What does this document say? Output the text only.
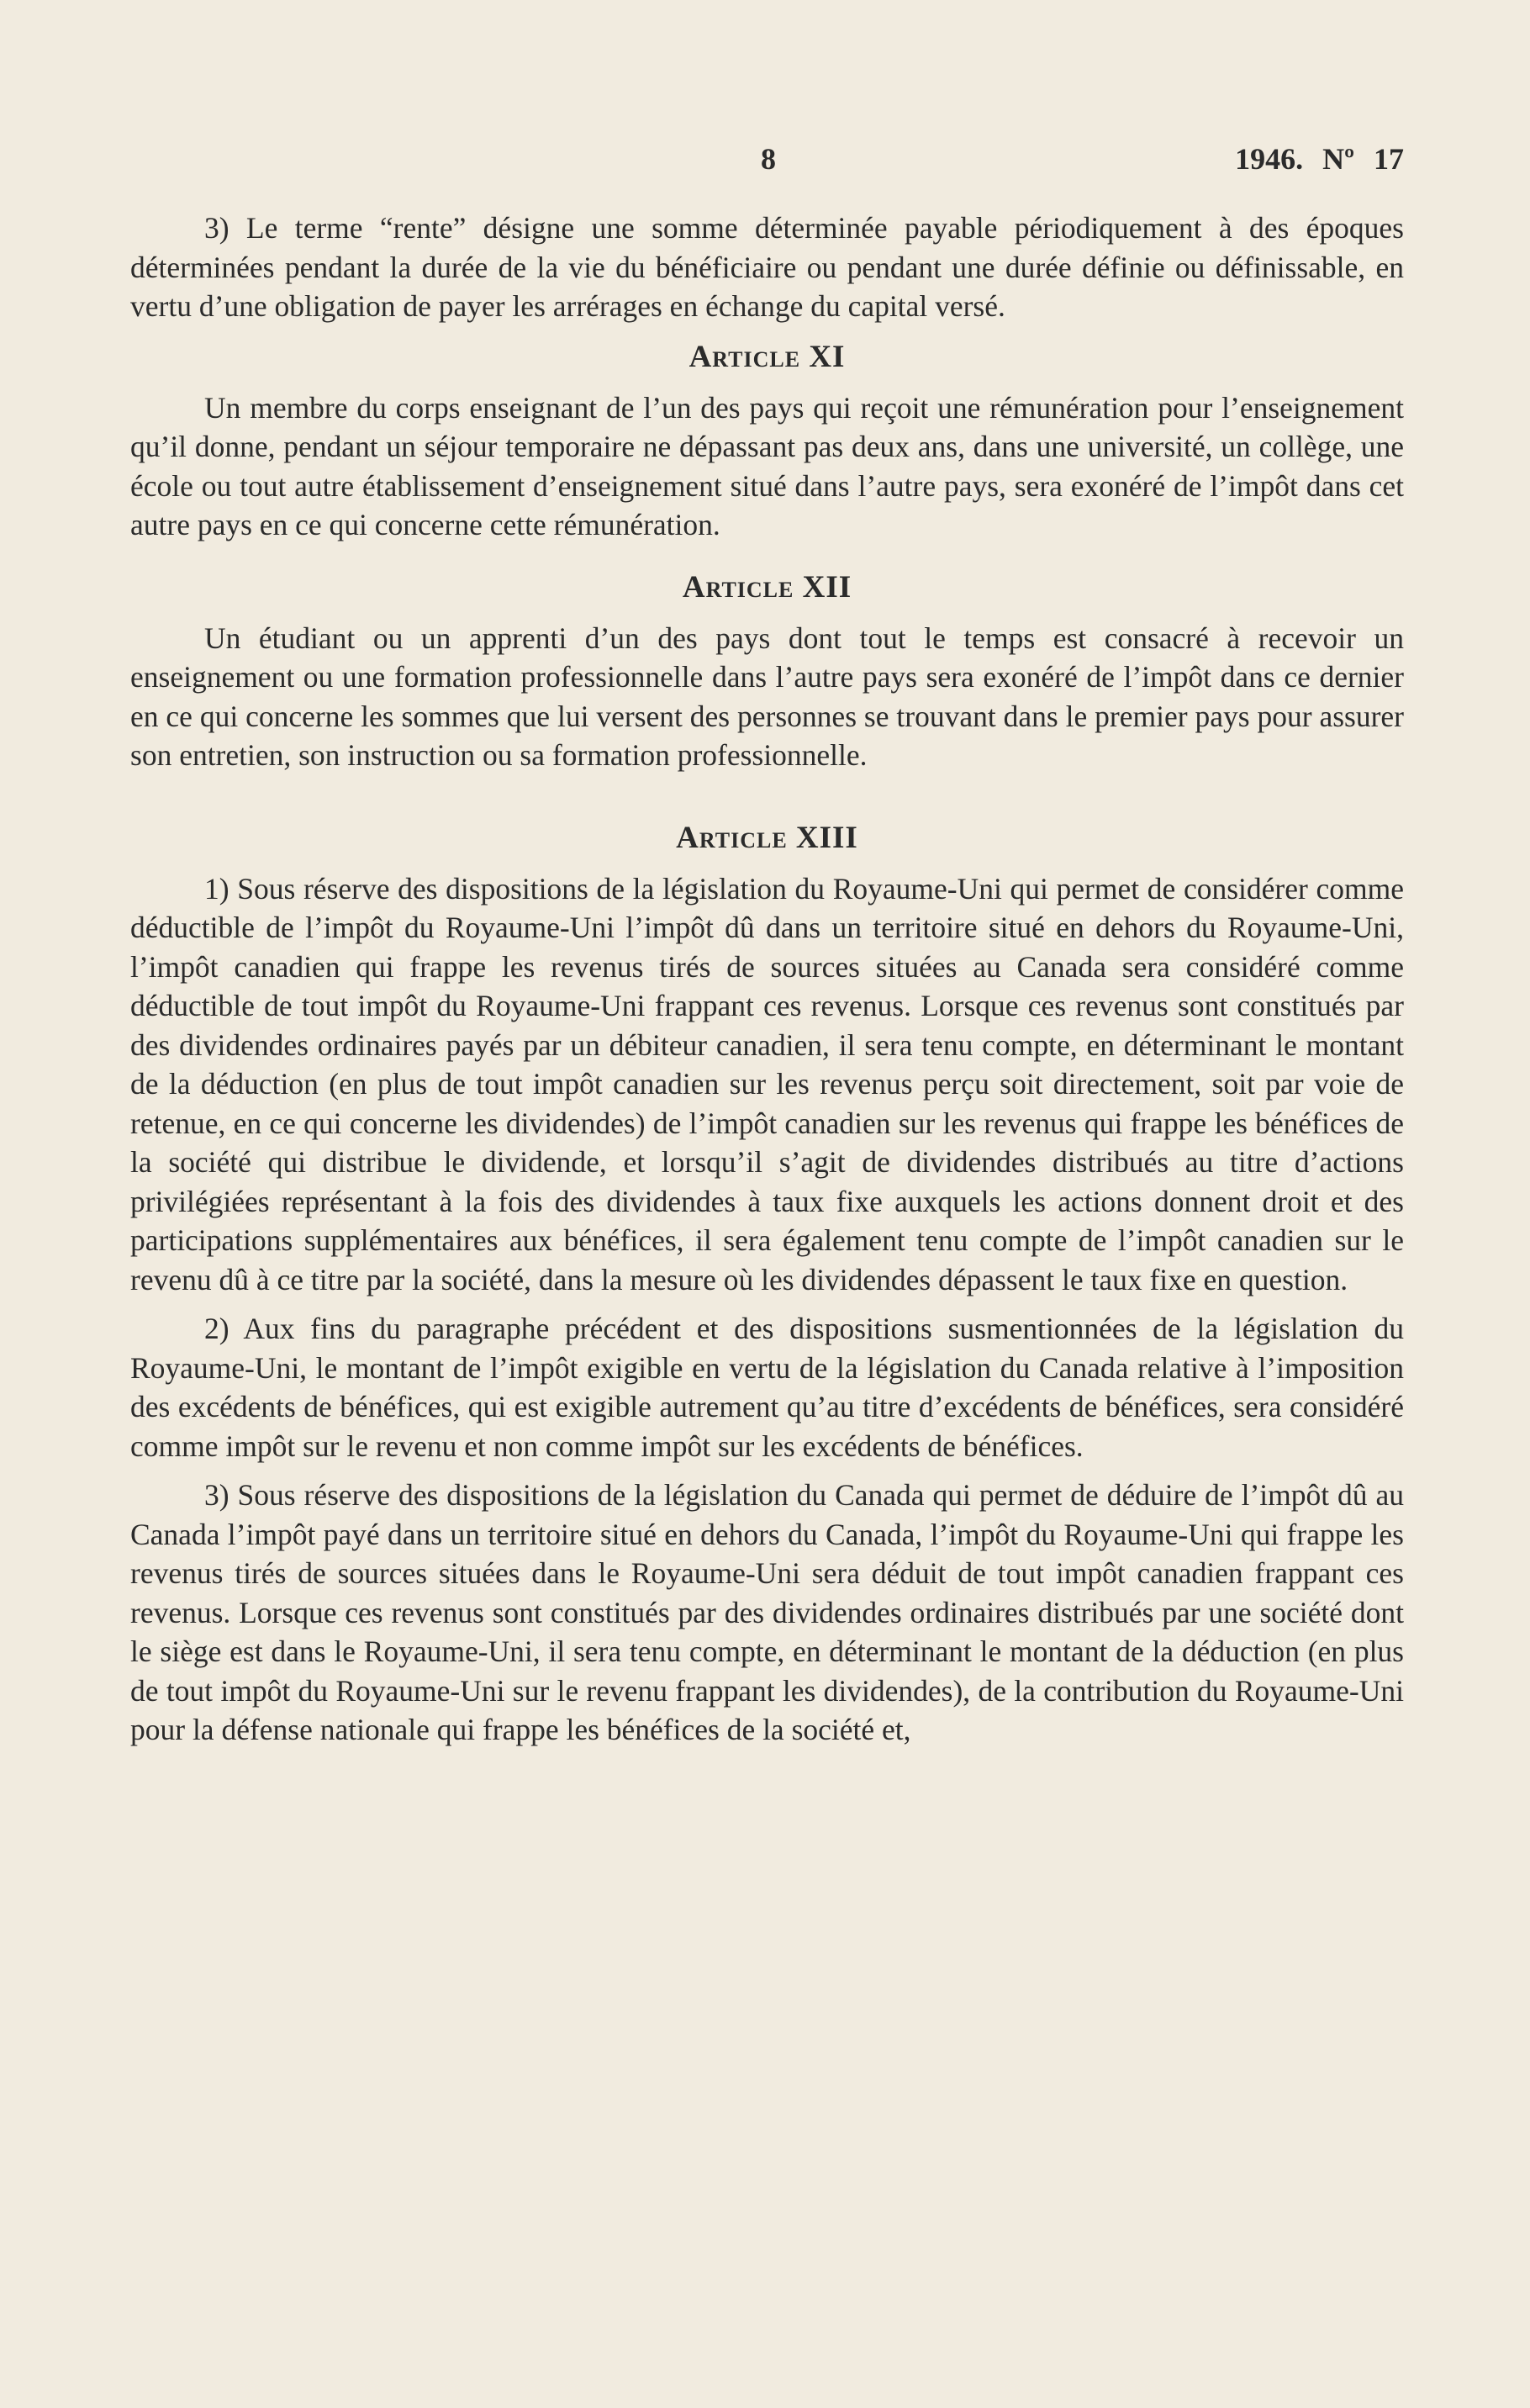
8	1946. Nº 17

3) Le terme “rente” désigne une somme déterminée payable périodiquement à des époques déterminées pendant la durée de la vie du bénéficiaire ou pendant une durée définie ou définissable, en vertu d’une obligation de payer les arrérages en échange du capital versé.

Article XI

Un membre du corps enseignant de l’un des pays qui reçoit une rémunération pour l’enseignement qu’il donne, pendant un séjour temporaire ne dépassant pas deux ans, dans une université, un collège, une école ou tout autre établissement d’enseignement situé dans l’autre pays, sera exonéré de l’impôt dans cet autre pays en ce qui concerne cette rémunération.

Article XII

Un étudiant ou un apprenti d’un des pays dont tout le temps est consacré à recevoir un enseignement ou une formation professionnelle dans l’autre pays sera exonéré de l’impôt dans ce dernier en ce qui concerne les sommes que lui versent des personnes se trouvant dans le premier pays pour assurer son entretien, son instruction ou sa formation professionnelle.

Article XIII

1) Sous réserve des dispositions de la législation du Royaume-Uni qui permet de considérer comme déductible de l’impôt du Royaume-Uni l’impôt dû dans un territoire situé en dehors du Royaume-Uni, l’impôt canadien qui frappe les revenus tirés de sources situées au Canada sera considéré comme déductible de tout impôt du Royaume-Uni frappant ces revenus. Lorsque ces revenus sont constitués par des dividendes ordinaires payés par un débiteur canadien, il sera tenu compte, en déterminant le montant de la déduction (en plus de tout impôt canadien sur les revenus perçu soit directement, soit par voie de retenue, en ce qui concerne les dividendes) de l’impôt canadien sur les revenus qui frappe les bénéfices de la société qui distribue le dividende, et lorsqu’il s’agit de dividendes distribués au titre d’actions privilégiées représentant à la fois des dividendes à taux fixe auxquels les actions donnent droit et des participations supplémentaires aux bénéfices, il sera également tenu compte de l’impôt canadien sur le revenu dû à ce titre par la société, dans la mesure où les dividendes dépassent le taux fixe en question.

2) Aux fins du paragraphe précédent et des dispositions susmentionnées de la législation du Royaume-Uni, le montant de l’impôt exigible en vertu de la législation du Canada relative à l’imposition des excédents de bénéfices, qui est exigible autrement qu’au titre d’excédents de bénéfices, sera considéré comme impôt sur le revenu et non comme impôt sur les excédents de bénéfices.

3) Sous réserve des dispositions de la législation du Canada qui permet de déduire de l’impôt dû au Canada l’impôt payé dans un territoire situé en dehors du Canada, l’impôt du Royaume-Uni qui frappe les revenus tirés de sources situées dans le Royaume-Uni sera déduit de tout impôt canadien frappant ces revenus. Lorsque ces revenus sont constitués par des dividendes ordinaires distribués par une société dont le siège est dans le Royaume-Uni, il sera tenu compte, en déterminant le montant de la déduction (en plus de tout impôt du Royaume-Uni sur le revenu frappant les dividendes), de la contribution du Royaume-Uni pour la défense nationale qui frappe les bénéfices de la société et,
